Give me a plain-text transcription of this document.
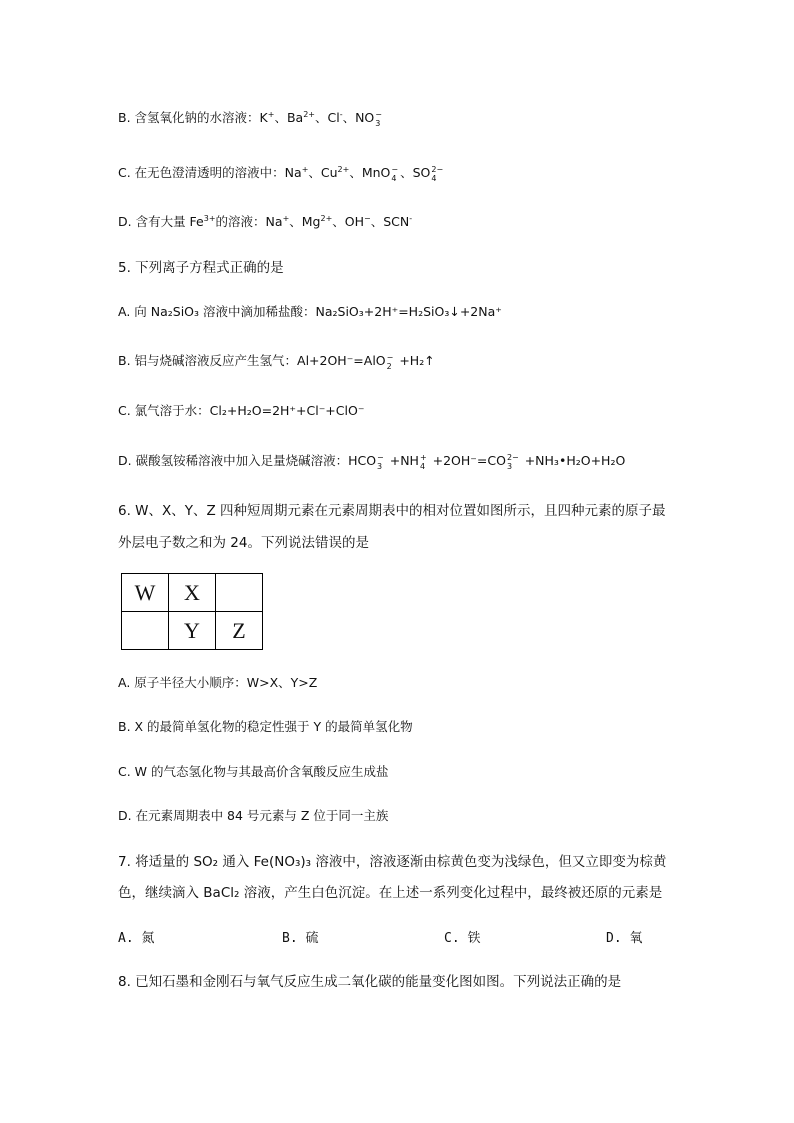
B. 含氢氧化钠的水溶液：K+、$Ba^{2+}$、Cl-、NO −
3
C. 在无色澄清透明的溶液中：Na+、$Cu^{2+}$、MnO −
4 、SO 2−
4
D. 含有大量 $Fe^{3+}$的溶液：Na+、$Mg^{2+}$、OH−、SCN-
5. 下列离子方程式正确的是
A. 向 Na₂SiO₃ 溶液中滴加稀盐酸：Na₂SiO₃+2H⁺=H₂SiO₃↓+2Na⁺
B. 铝与烧碱溶液反应产生氢气：Al+2OH⁻=AlO −
2 +H₂↑
C. 氯气溶于水：Cl₂+H₂O=2H⁺+Cl⁻+ClO⁻
D. 碳酸氢铵稀溶液中加入足量烧碱溶液：HCO −
3 +NH +
4 +2OH⁻=CO 2−
3 +NH₃•H₂O+H₂O
6. W、X、Y、Z 四种短周期元素在元素周期表中的相对位置如图所示，且四种元素的原子最
外层电子数之和为 24。下列说法错误的是
W	X	
	Y	Z
A. 原子半径大小顺序：W>X、Y>Z
B. X 的最简单氢化物的稳定性强于 Y 的最简单氢化物
C. W 的气态氢化物与其最高价含氧酸反应生成盐
D. 在元素周期表中 84 号元素与 Z 位于同一主族
7. 将适量的 SO₂ 通入 Fe(NO₃)₃ 溶液中，溶液逐渐由棕黄色变为浅绿色，但又立即变为棕黄
色，继续滴入 BaCl₂ 溶液，产生白色沉淀。在上述一系列变化过程中，最终被还原的元素是
A. 氮	B. 硫	C. 铁	D. 氧
8. 已知石墨和金刚石与氧气反应生成二氧化碳的能量变化图如图。下列说法正确的是
